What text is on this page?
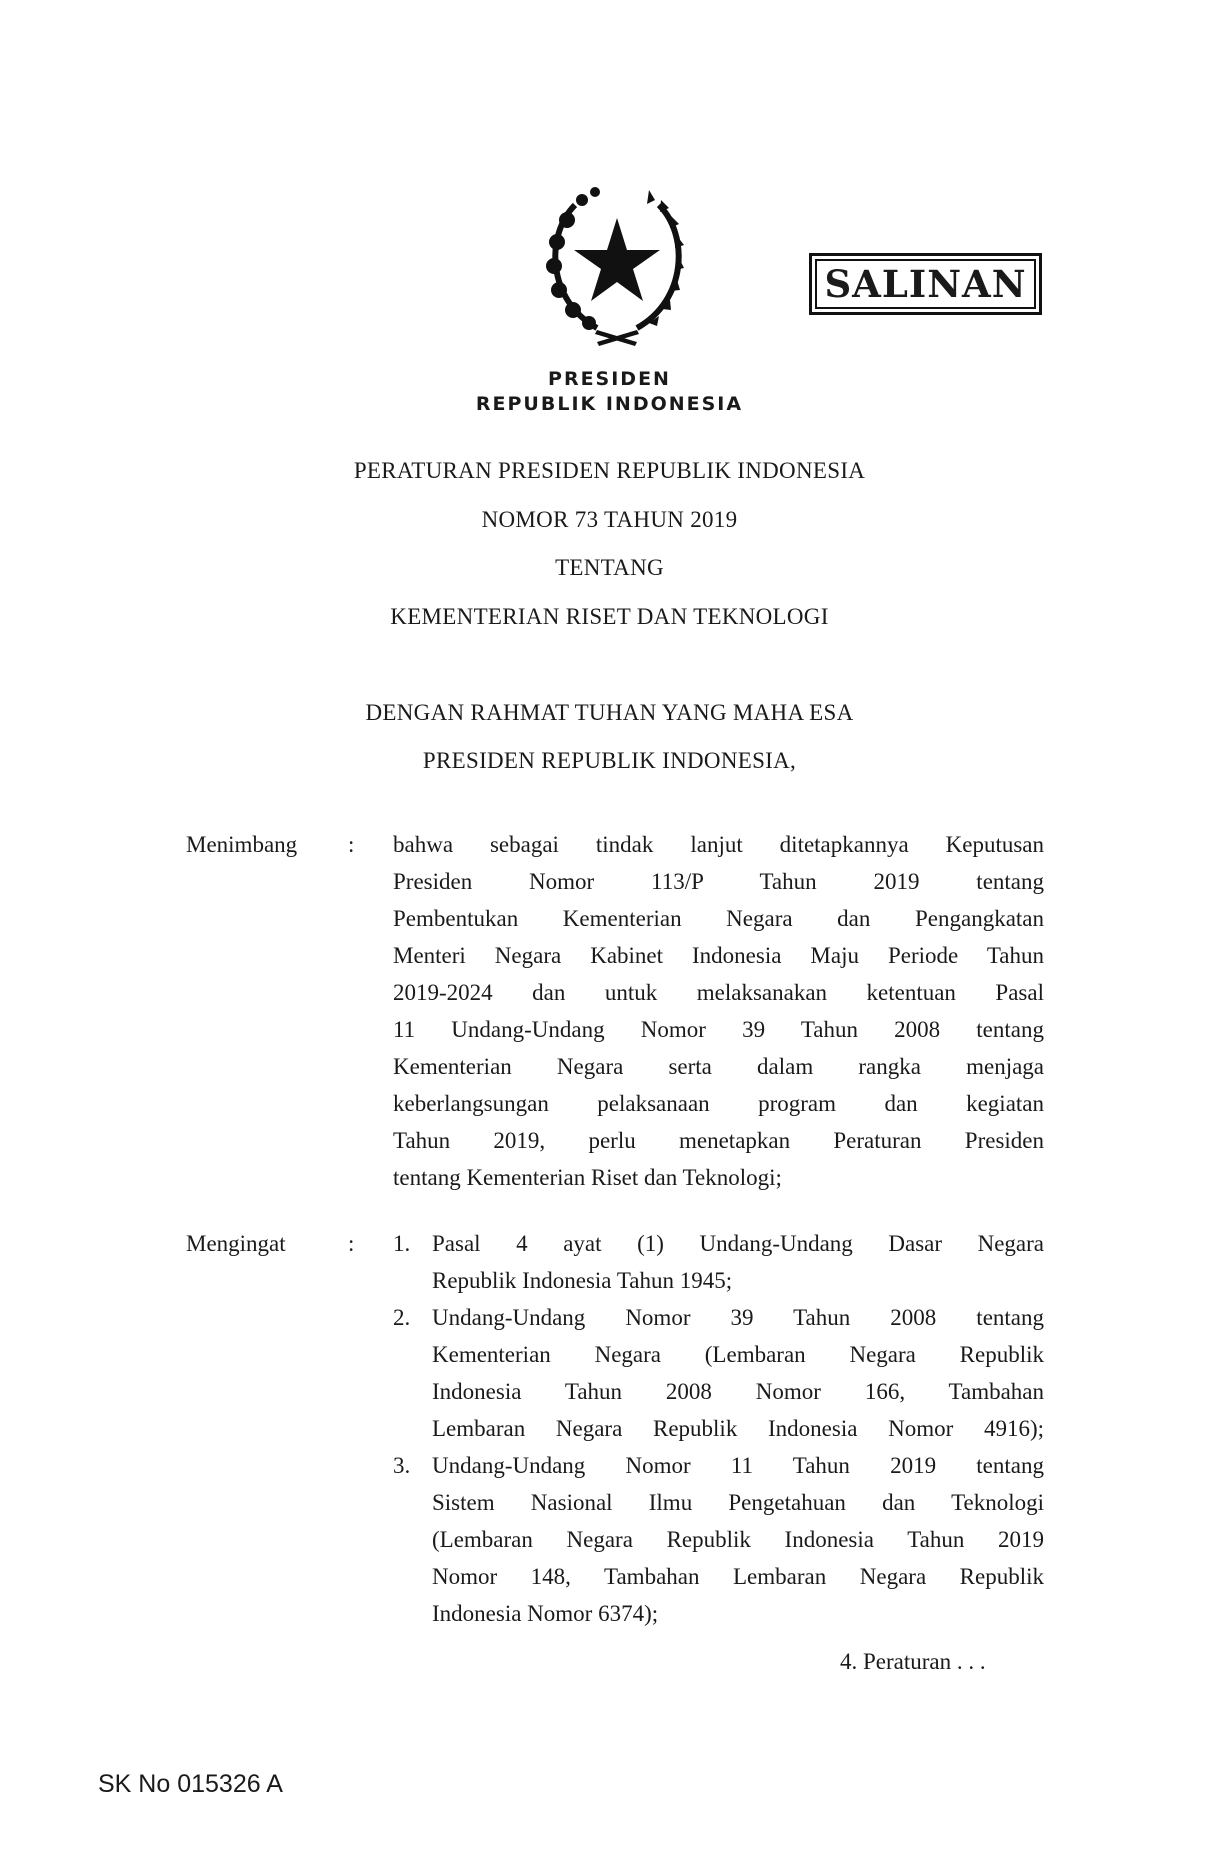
SALINAN
PRESIDEN
REPUBLIK INDONESIA
PERATURAN PRESIDEN REPUBLIK INDONESIA
NOMOR 73 TAHUN 2019
TENTANG
KEMENTERIAN RISET DAN TEKNOLOGI
DENGAN RAHMAT TUHAN YANG MAHA ESA
PRESIDEN REPUBLIK INDONESIA,
Menimbang : bahwa sebagai tindak lanjut ditetapkannya Keputusan
Presiden Nomor 113/P Tahun 2019 tentang
Pembentukan Kementerian Negara dan Pengangkatan
Menteri Negara Kabinet Indonesia Maju Periode Tahun
2019-2024 dan untuk melaksanakan ketentuan Pasal
11 Undang-Undang Nomor 39 Tahun 2008 tentang
Kementerian Negara serta dalam rangka menjaga
keberlangsungan pelaksanaan program dan kegiatan
Tahun 2019, perlu menetapkan Peraturan Presiden
tentang Kementerian Riset dan Teknologi;
Mengingat	: 1. Pasal 4 ayat (1) Undang-Undang Dasar Negara
Republik Indonesia Tahun 1945;
2. Undang-Undang Nomor 39 Tahun 2008 tentang
Kementerian Negara (Lembaran Negara Republik
Indonesia Tahun 2008 Nomor 166, Tambahan
Lembaran Negara Republik Indonesia Nomor 4916);
3. Undang-Undang Nomor 11 Tahun 2019 tentang
Sistem Nasional Ilmu Pengetahuan dan Teknologi
(Lembaran Negara Republik Indonesia Tahun 2019
Nomor 148, Tambahan Lembaran Negara Republik
Indonesia Nomor 6374);
4. Peraturan . . .
SK No 015326 A
